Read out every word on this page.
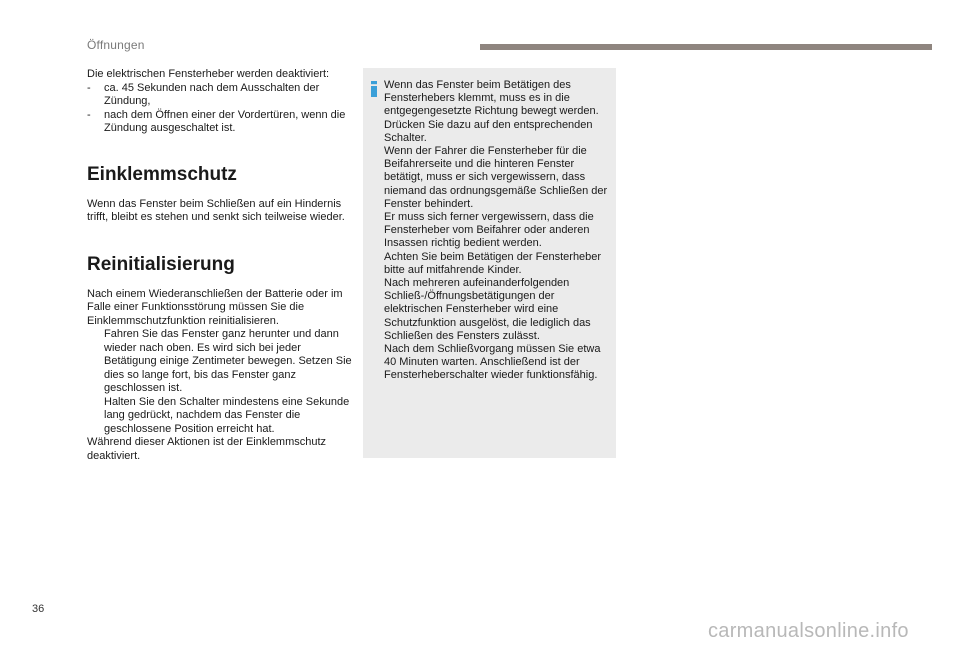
Öffnungen

Die elektrischen Fensterheber werden deaktiviert:

- ca. 45 Sekunden nach dem Ausschalten der Zündung,
- nach dem Öffnen einer der Vordertüren, wenn die Zündung ausgeschaltet ist.
Einklemmschutz

Wenn das Fenster beim Schließen auf ein Hindernis trifft, bleibt es stehen und senkt sich teilweise wieder.

Reinitialisierung

Nach einem Wiederanschließen der Batterie oder im Falle einer Funktionsstörung müssen Sie die Einklemmschutzfunktion reinitialisieren.

Fahren Sie das Fenster ganz herunter und dann wieder nach oben. Es wird sich bei jeder Betätigung einige Zentimeter bewegen. Setzen Sie dies so lange fort, bis das Fenster ganz geschlossen ist.
Halten Sie den Schalter mindestens eine Sekunde lang gedrückt, nachdem das Fenster die geschlossene Position erreicht hat.

Während dieser Aktionen ist der Einklemmschutz deaktiviert.

Wenn das Fenster beim Betätigen des Fensterhebers klemmt, muss es in die entgegengesetzte Richtung bewegt werden. Drücken Sie dazu auf den entsprechenden Schalter.

Wenn der Fahrer die Fensterheber für die Beifahrerseite und die hinteren Fenster betätigt, muss er sich vergewissern, dass niemand das ordnungsgemäße Schließen der Fenster behindert.

Er muss sich ferner vergewissern, dass die Fensterheber vom Beifahrer oder anderen Insassen richtig bedient werden.

Achten Sie beim Betätigen der Fensterheber bitte auf mitfahrende Kinder.

Nach mehreren aufeinanderfolgenden Schließ-/Öffnungsbetätigungen der elektrischen Fensterheber wird eine Schutzfunktion ausgelöst, die lediglich das Schließen des Fensters zulässt.

Nach dem Schließvorgang müssen Sie etwa 40 Minuten warten. Anschließend ist der Fensterheberschalter wieder funktionsfähig.

36
carmanualsonline.info
